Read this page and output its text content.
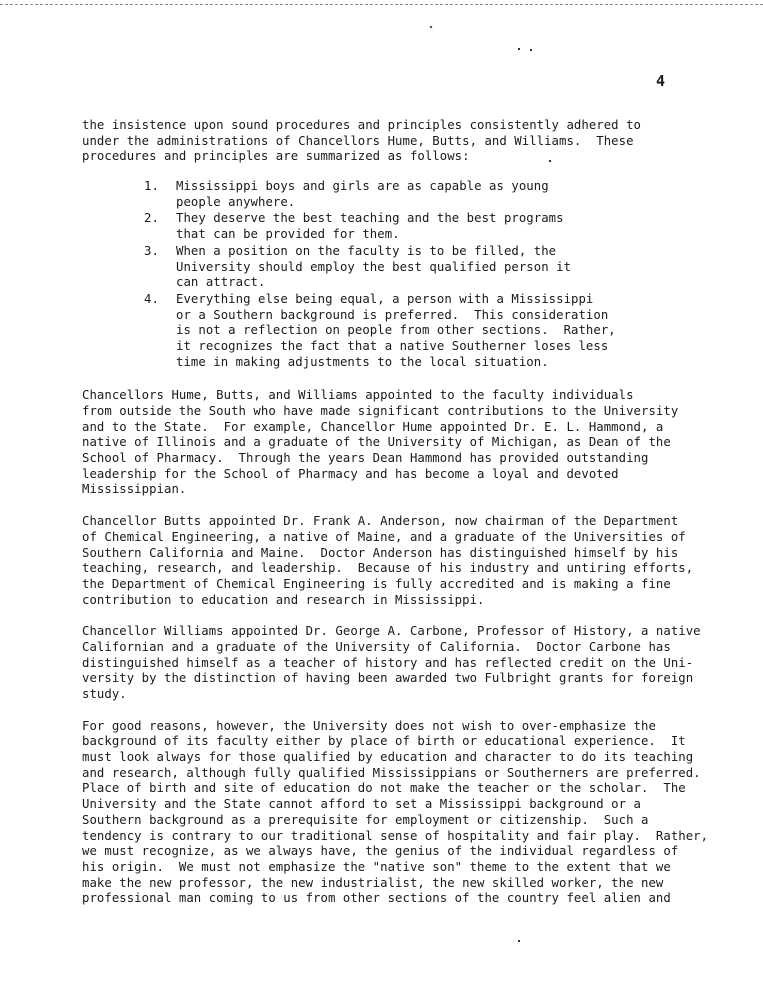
4
the insistence upon sound procedures and principles consistently adhered to
under the administrations of Chancellors Hume, Butts, and Williams.  These
procedures and principles are summarized as follows:
1.	Mississippi boys and girls are as capable as young
people anywhere.
2.	They deserve the best teaching and the best programs
that can be provided for them.
3.	When a position on the faculty is to be filled, the
University should employ the best qualified person it
can attract.
4.	Everything else being equal, a person with a Mississippi
or a Southern background is preferred.  This consideration
is not a reflection on people from other sections.  Rather,
it recognizes the fact that a native Southerner loses less
time in making adjustments to the local situation.
Chancellors Hume, Butts, and Williams appointed to the faculty individuals
from outside the South who have made significant contributions to the University
and to the State.  For example, Chancellor Hume appointed Dr. E. L. Hammond, a
native of Illinois and a graduate of the University of Michigan, as Dean of the
School of Pharmacy.  Through the years Dean Hammond has provided outstanding
leadership for the School of Pharmacy and has become a loyal and devoted
Mississippian.
Chancellor Butts appointed Dr. Frank A. Anderson, now chairman of the Department
of Chemical Engineering, a native of Maine, and a graduate of the Universities of
Southern California and Maine.  Doctor Anderson has distinguished himself by his
teaching, research, and leadership.  Because of his industry and untiring efforts,
the Department of Chemical Engineering is fully accredited and is making a fine
contribution to education and research in Mississippi.
Chancellor Williams appointed Dr. George A. Carbone, Professor of History, a native
Californian and a graduate of the University of California.  Doctor Carbone has
distinguished himself as a teacher of history and has reflected credit on the Uni-
versity by the distinction of having been awarded two Fulbright grants for foreign
study.
For good reasons, however, the University does not wish to over-emphasize the
background of its faculty either by place of birth or educational experience.  It
must look always for those qualified by education and character to do its teaching
and research, although fully qualified Mississippians or Southerners are preferred.
Place of birth and site of education do not make the teacher or the scholar.  The
University and the State cannot afford to set a Mississippi background or a
Southern background as a prerequisite for employment or citizenship.  Such a
tendency is contrary to our traditional sense of hospitality and fair play.  Rather,
we must recognize, as we always have, the genius of the individual regardless of
his origin.  We must not emphasize the "native son" theme to the extent that we
make the new professor, the new industrialist, the new skilled worker, the new
professional man coming to us from other sections of the country feel alien and
